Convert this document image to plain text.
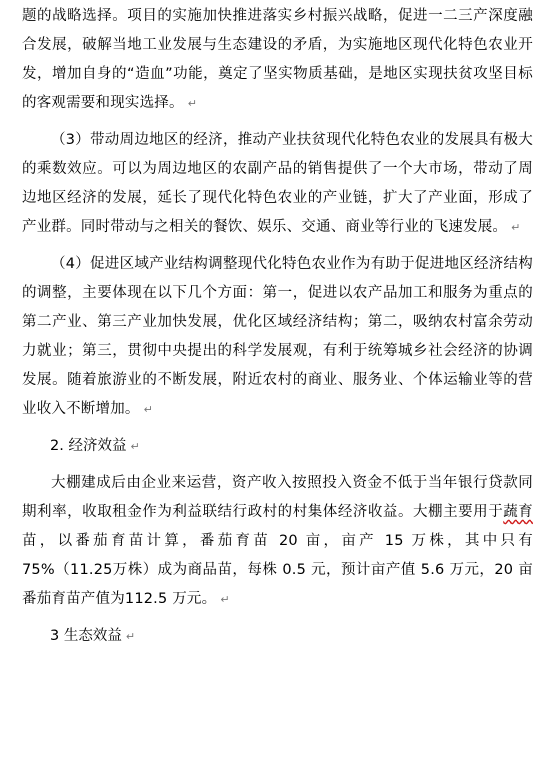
题的战略选择。项目的实施加快推进落实乡村振兴战略，促进一二三产深度融合发展，破解当地工业发展与生态建设的矛盾，为实施地区现代化特色农业开发，增加自身的“造血”功能，奠定了坚实物质基础，是地区实现扶贫攻坚目标的客观需要和现实选择。 ↵

（3）带动周边地区的经济，推动产业扶贫现代化特色农业的发展具有极大的乘数效应。可以为周边地区的农副产品的销售提供了一个大市场，带动了周边地区经济的发展，延长了现代化特色农业的产业链，扩大了产业面，形成了产业群。同时带动与之相关的餐饮、娱乐、交通、商业等行业的飞速发展。 ↵

（4）促进区域产业结构调整现代化特色农业作为有助于促进地区经济结构的调整，主要体现在以下几个方面：第一，促进以农产品加工和服务为重点的第二产业、第三产业加快发展，优化区域经济结构；第二，吸纳农村富余劳动力就业；第三，贯彻中央提出的科学发展观，有利于统筹城乡社会经济的协调发展。随着旅游业的不断发展，附近农村的商业、服务业、个体运输业等的营业收入不断增加。 ↵

2. 经济效益 ↵

大棚建成后由企业来运营，资产收入按照投入资金不低于当年银行贷款同期利率，收取租金作为利益联结行政村的村集体经济收益。大棚主要用于蔬育苗，以番茄育苗计算，番茄育苗 20 亩，亩产 15 万株，其中只有 75%（11.25万株）成为商品苗，每株 0.5 元，预计亩产值 5.6 万元，20 亩番茄育苗产值为112.5 万元。 ↵

3 生态效益 ↵
